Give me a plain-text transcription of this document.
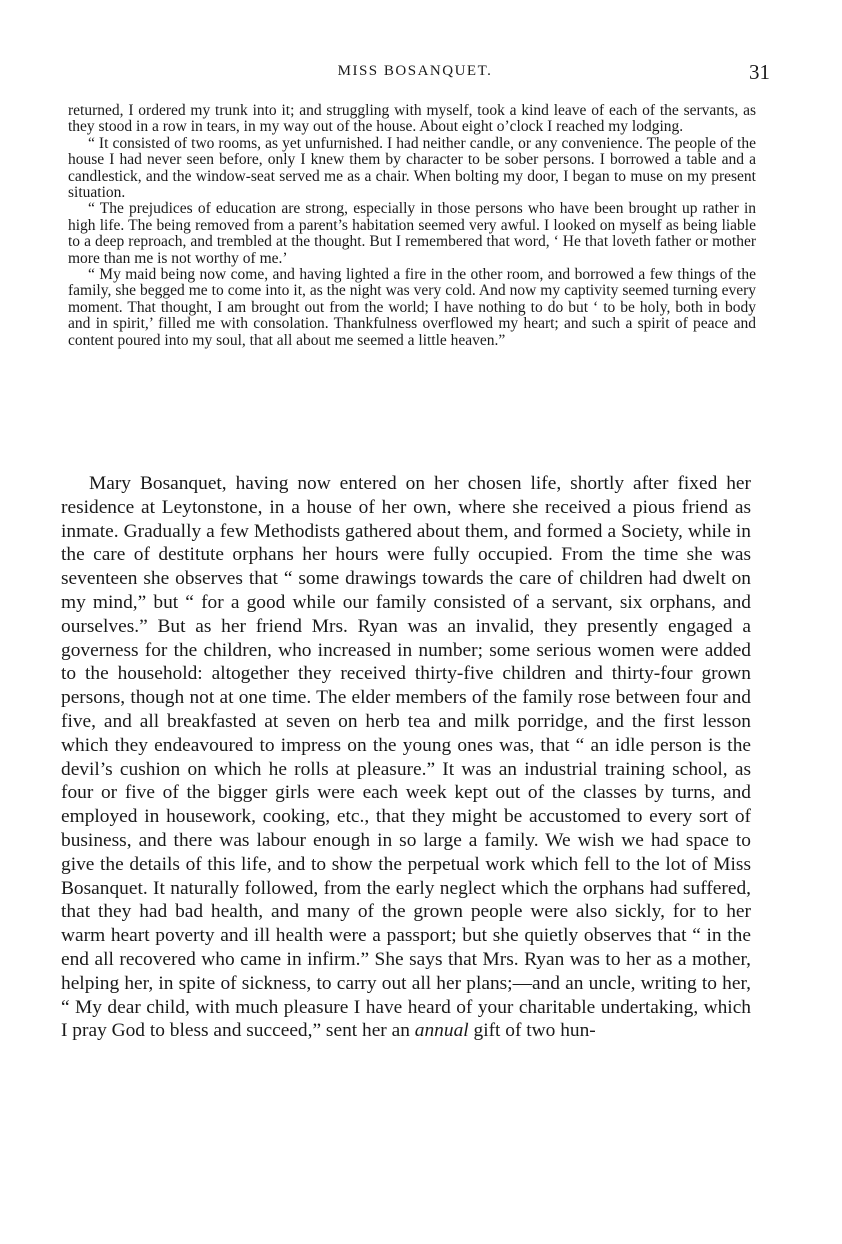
MISS BOSANQUET.	31

returned, I ordered my trunk into it; and struggling with myself, took a kind leave of each of the servants, as they stood in a row in tears, in my way out of the house. About eight o’clock I reached my lodging.

“ It consisted of two rooms, as yet unfurnished. I had neither candle, or any convenience. The people of the house I had never seen before, only I knew them by character to be sober persons. I borrowed a table and a candlestick, and the window-seat served me as a chair. When bolting my door, I began to muse on my present situation.

“ The prejudices of education are strong, especially in those persons who have been brought up rather in high life. The being removed from a parent’s habitation seemed very awful. I looked on myself as being liable to a deep reproach, and trembled at the thought. But I remembered that word, ‘ He that loveth father or mother more than me is not worthy of me.’

“ My maid being now come, and having lighted a fire in the other room, and borrowed a few things of the family, she begged me to come into it, as the night was very cold. And now my captivity seemed turning every moment. That thought, I am brought out from the world; I have nothing to do but ‘ to be holy, both in body and in spirit,’ filled me with consolation. Thankfulness overflowed my heart; and such a spirit of peace and content poured into my soul, that all about me seemed a little heaven.”

Mary Bosanquet, having now entered on her chosen life, shortly after fixed her residence at Leytonstone, in a house of her own, where she received a pious friend as inmate. Gradually a few Methodists gathered about them, and formed a Society, while in the care of destitute orphans her hours were fully occupied. From the time she was seventeen she observes that “ some drawings towards the care of children had dwelt on my mind,” but “ for a good while our family consisted of a servant, six orphans, and ourselves.” But as her friend Mrs. Ryan was an invalid, they presently engaged a governess for the children, who increased in number; some serious women were added to the household: altogether they received thirty-five children and thirty-four grown persons, though not at one time. The elder members of the family rose between four and five, and all breakfasted at seven on herb tea and milk porridge, and the first lesson which they endeavoured to impress on the young ones was, that “ an idle person is the devil’s cushion on which he rolls at pleasure.” It was an industrial training school, as four or five of the bigger girls were each week kept out of the classes by turns, and employed in housework, cooking, etc., that they might be accustomed to every sort of business, and there was labour enough in so large a family. We wish we had space to give the details of this life, and to show the perpetual work which fell to the lot of Miss Bosanquet. It naturally followed, from the early neglect which the orphans had suffered, that they had bad health, and many of the grown people were also sickly, for to her warm heart poverty and ill health were a passport; but she quietly observes that “ in the end all recovered who came in infirm.” She says that Mrs. Ryan was to her as a mother, helping her, in spite of sickness, to carry out all her plans;—and an uncle, writing to her, “ My dear child, with much pleasure I have heard of your charitable undertaking, which I pray God to bless and succeed,” sent her an annual gift of two hun-
